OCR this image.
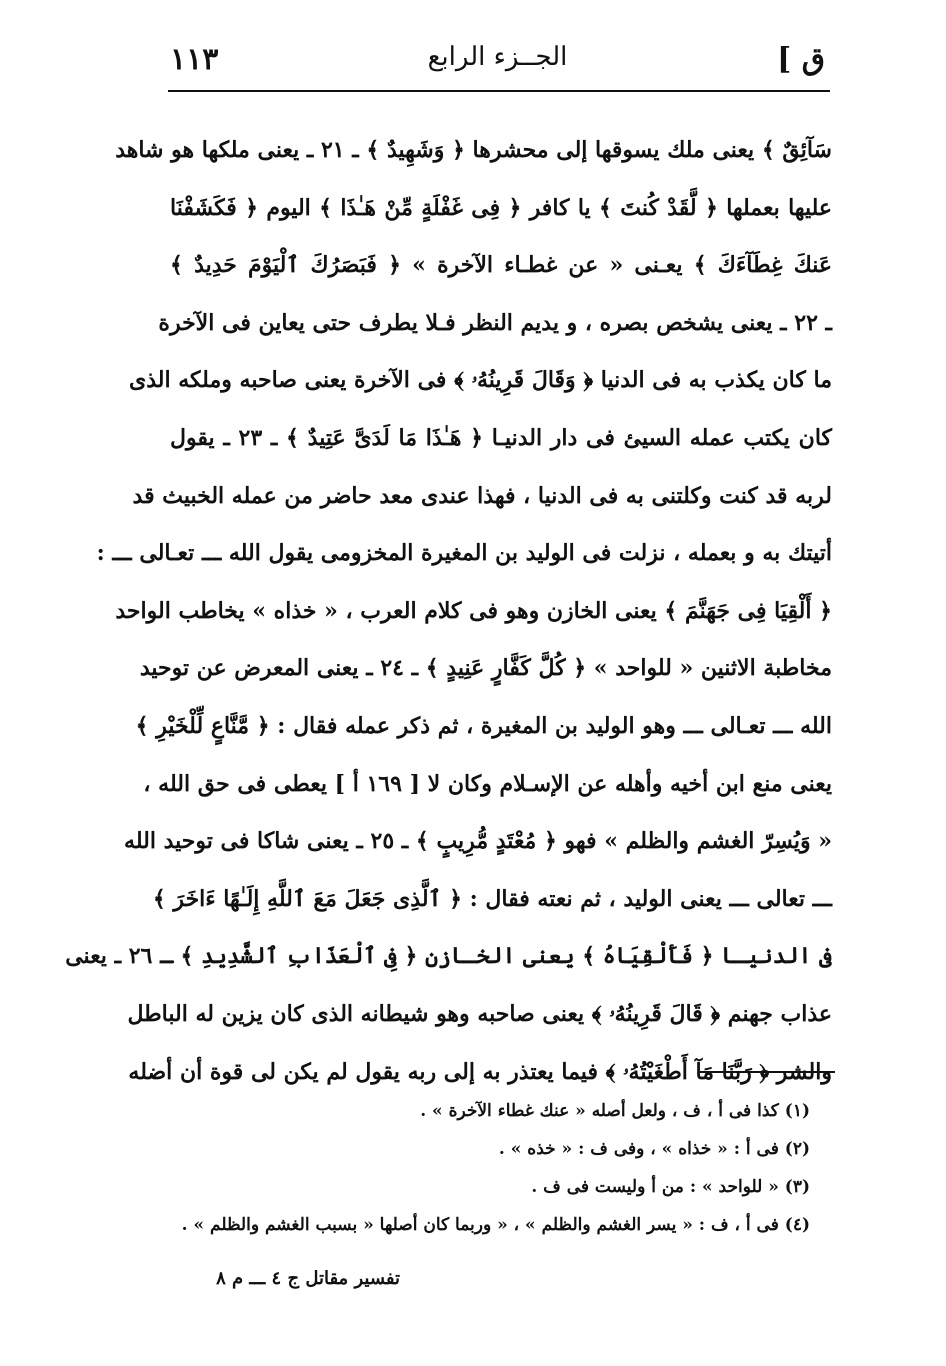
ق ]
الجــزء الرابع
١١٣
سَآئِقٌ ﴾ يعنى ملك يسوقها إلى محشرها ﴿ وَشَهِيدٌ ﴾ ـ ٢١ ـ يعنى ملكها هو شاهد
عليها بعملها ﴿ لَّقَدْ كُنتَ ﴾ يا كافر ﴿ فِى غَفْلَةٍ مِّنْ هَـٰذَا ﴾ اليوم ﴿ فَكَشَفْنَا
عَنكَ غِطَآءَكَ ﴾ يعـنى « عن غطـاء الآخرة » ﴿ فَبَصَرُكَ ٱلْيَوْمَ حَدِيدٌ ﴾
ـ ٢٢ ـ يعنى يشخص بصره ، و يديم النظر فـلا يطرف حتى يعاين فى الآخرة
ما كان يكذب به فى الدنيا ﴿ وَقَالَ قَرِينُهُۥ ﴾ فى الآخرة يعنى صاحبه وملكه الذى
كان يكتب عمله السيئ فى دار الدنيـا ﴿ هَـٰذَا مَا لَدَىَّ عَتِيدٌ ﴾ ـ ٢٣ ـ يقول
لربه قد كنت وكلتنى به فى الدنيا ، فهذا عندى معد حاضر من عمله الخبيث قد
أتيتك به و بعمله ، نزلت فى الوليد بن المغيرة المخزومى يقول الله ـــ تعـالى ـــ :
﴿ أَلْقِيَا فِى جَهَنَّمَ ﴾ يعنى الخازن وهو فى كلام العرب ، « خذاه » يخاطب الواحد
مخاطبة الاثنين « للواحد » ﴿ كُلَّ كَفَّارٍ عَنِيدٍ ﴾ ـ ٢٤ ـ يعنى المعرض عن توحيد
الله ـــ تعـالى ـــ وهو الوليد بن المغيرة ، ثم ذكر عمله فقال : ﴿ مَّنَّاعٍ لِّلْخَيْرِ ﴾
يعنى منع ابن أخيه وأهله عن الإسـلام وكان لا [ ١٦٩ أ ] يعطى فى حق الله ،
« وَيُسِرّ الغشم والظلم » فهو ﴿ مُعْتَدٍ مُّرِيبٍ ﴾ ـ ٢٥ ـ يعنى شاكا فى توحيد الله
ـــ تعالى ـــ يعنى الوليد ، ثم نعته فقال : ﴿ ٱلَّذِى جَعَلَ مَعَ ٱللَّهِ إِلَـٰهًا ءَاخَرَ ﴾
فى الدنيـا ﴿ فَأَلْقِيَاهُ ﴾ يعنى الخـازن ﴿ فِى ٱلْعَذَابِ ٱلشَّدِيدِ ﴾ ـ ٢٦ ـ يعنى
عذاب جهنم ﴿ قَالَ قَرِينُهُۥ ﴾ يعنى صاحبه وهو شيطانه الذى كان يزين له الباطل
والشر ﴿ رَبَّنَا مَآ أَطْغَيْتُهُۥ ﴾ فيما يعتذر به إلى ربه يقول لم يكن لى قوة أن أضله
(١) كذا فى أ ، ف ، ولعل أصله « عنك غطاء الآخرة » .
(٢) فى أ : « خذاه » ، وفى ف : « خذه » .
(٣) « للواحد » : من أ وليست فى ف .
(٤) فى أ ، ف : « يسر الغشم والظلم » ، « وربما كان أصلها « بسبب الغشم والظلم » .
تفسير مقاتل ج ٤ ـــ م ٨
